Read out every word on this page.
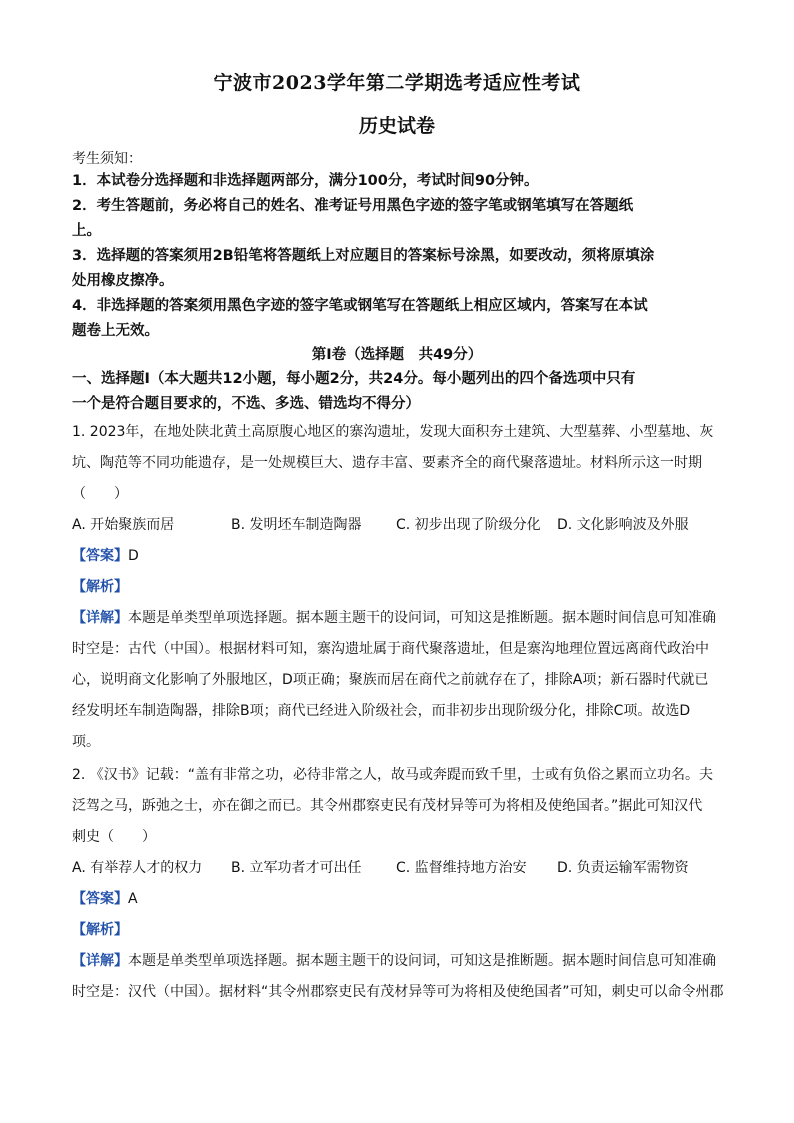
宁波市2023学年第二学期选考适应性考试
历史试卷
考生须知：
1．本试卷分选择题和非选择题两部分，满分100分，考试时间90分钟。
2．考生答题前，务必将自己的姓名、准考证号用黑色字迹的签字笔或钢笔填写在答题纸
上。
3．选择题的答案须用2B铅笔将答题纸上对应题目的答案标号涂黑，如要改动，须将原填涂
处用橡皮擦净。
4．非选择题的答案须用黑色字迹的签字笔或钢笔写在答题纸上相应区域内，答案写在本试
题卷上无效。
第Ⅰ卷（选择题　共49分）
一、选择题Ⅰ（本大题共12小题，每小题2分，共24分。每小题列出的四个备选项中只有
一个是符合题目要求的，不选、多选、错选均不得分）
1. 2023年，在地处陕北黄土高原腹心地区的寨沟遗址，发现大面积夯土建筑、大型墓葬、小型墓地、灰
坑、陶范等不同功能遗存，是一处规模巨大、遗存丰富、要素齐全的商代聚落遗址。材料所示这一时期
（　　）
A. 开始聚族而居	B. 发明坯车制造陶器 C. 初步出现了阶级分化 D. 文化影响波及外服
【答案】D
【解析】
【详解】本题是单类型单项选择题。据本题主题干的设问词，可知这是推断题。据本题时间信息可知准确
时空是：古代（中国）。根据材料可知，寨沟遗址属于商代聚落遗址，但是寨沟地理位置远离商代政治中
心，说明商文化影响了外服地区，D项正确；聚族而居在商代之前就存在了，排除A项；新石器时代就已
经发明坯车制造陶器，排除B项；商代已经进入阶级社会，而非初步出现阶级分化，排除C项。故选D
项。
2. 《汉书》记载：“盖有非常之功，必待非常之人，故马或奔踶而致千里，士或有负俗之累而立功名。夫
泛驾之马，跅弛之士，亦在御之而已。其令州郡察吏民有茂材异等可为将相及使绝国者。”据此可知汉代
刺史（　　）
A. 有举荐人才的权力 B. 立军功者才可出任 C. 监督维持地方治安 D. 负责运输军需物资
【答案】A
【解析】
【详解】本题是单类型单项选择题。据本题主题干的设问词，可知这是推断题。据本题时间信息可知准确
时空是：汉代（中国）。据材料“其令州郡察吏民有茂材异等可为将相及使绝国者”可知，刺史可以命令州郡
